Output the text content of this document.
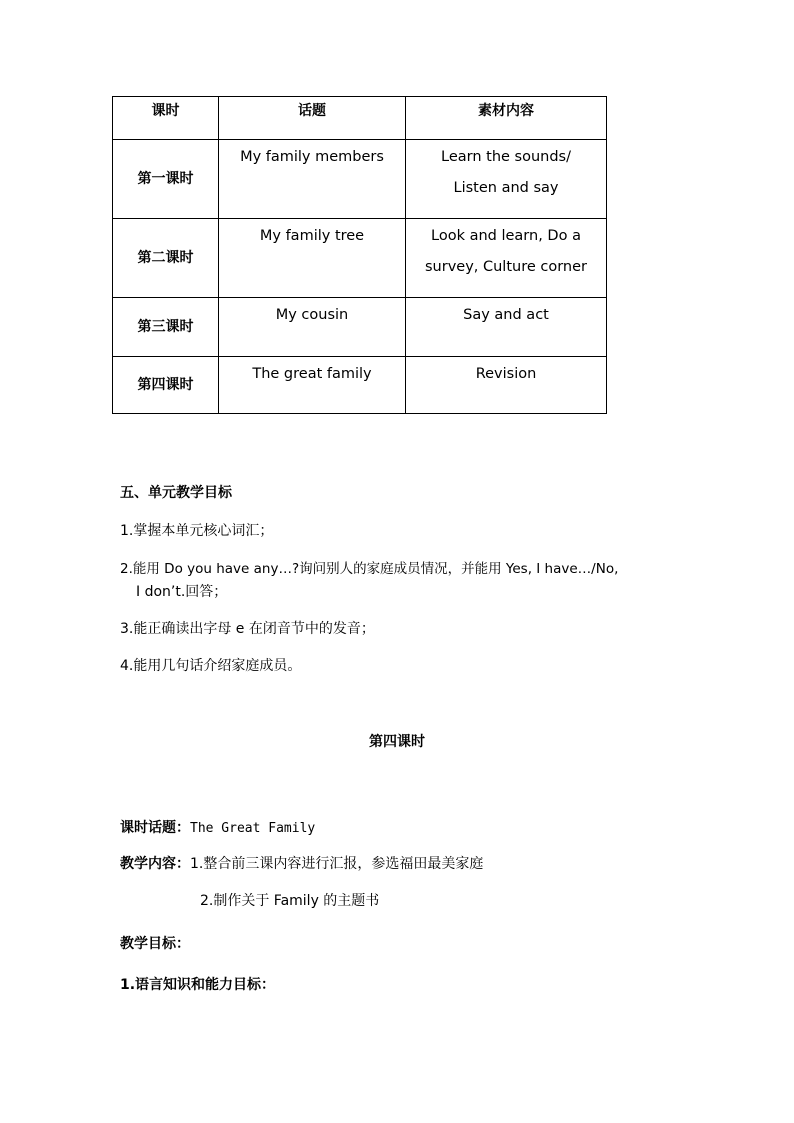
课时	话题	素材内容
第一课时	My family members	Learn the sounds/
Listen and say

第二课时	My family tree	Look and learn, Do a
survey, Culture corner

第三课时	My cousin	Say and act

第四课时	The great family	Revision
五、单元教学目标
1.掌握本单元核心词汇；
2.能用 Do you have any…?询问别人的家庭成员情况，并能用 Yes, I have…/No,
I don’t.回答；
3.能正确读出字母 e 在闭音节中的发音；
4.能用几句话介绍家庭成员。
第四课时
课时话题：The Great Family
教学内容：1.整合前三课内容进行汇报，参选福田最美家庭
2.制作关于 Family 的主题书
教学目标：
1.语言知识和能力目标：
